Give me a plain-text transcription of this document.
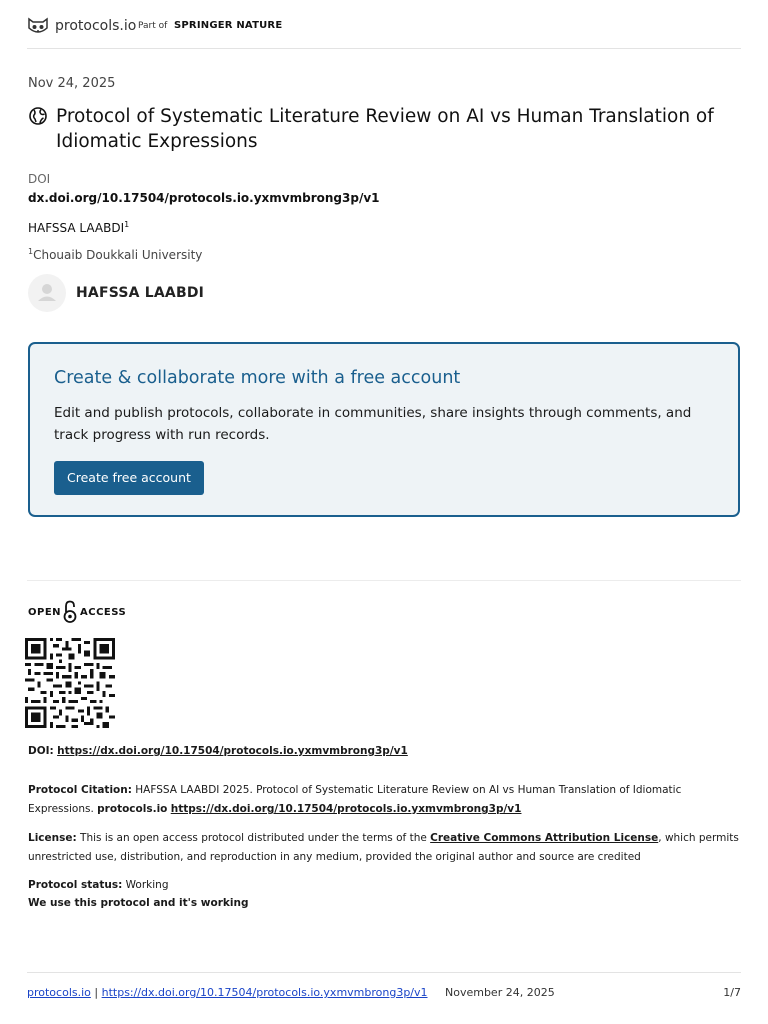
protocols.io Part of SPRINGER NATURE
Nov 24, 2025
Protocol of Systematic Literature Review on AI vs Human Translation of Idiomatic Expressions
DOI
dx.doi.org/10.17504/protocols.io.yxmvmbrong3p/v1
HAFSSA LAABDI$^1$
$^1$Chouaib Doukkali University
HAFSSA LAABDI
Create & collaborate more with a free account
Edit and publish protocols, collaborate in communities, share insights through comments, and track progress with run records.
Create free account
OPEN ACCESS
DOI: https://dx.doi.org/10.17504/protocols.io.yxmvmbrong3p/v1
Protocol Citation: HAFSSA LAABDI 2025. Protocol of Systematic Literature Review on AI vs Human Translation of Idiomatic Expressions. protocols.io https://dx.doi.org/10.17504/protocols.io.yxmvmbrong3p/v1
License: This is an open access protocol distributed under the terms of the Creative Commons Attribution License, which permits unrestricted use, distribution, and reproduction in any medium, provided the original author and source are credited
Protocol status: Working
We use this protocol and it's working
protocols.io | https://dx.doi.org/10.17504/protocols.io.yxmvmbrong3p/v1 November 24, 2025	1/7
